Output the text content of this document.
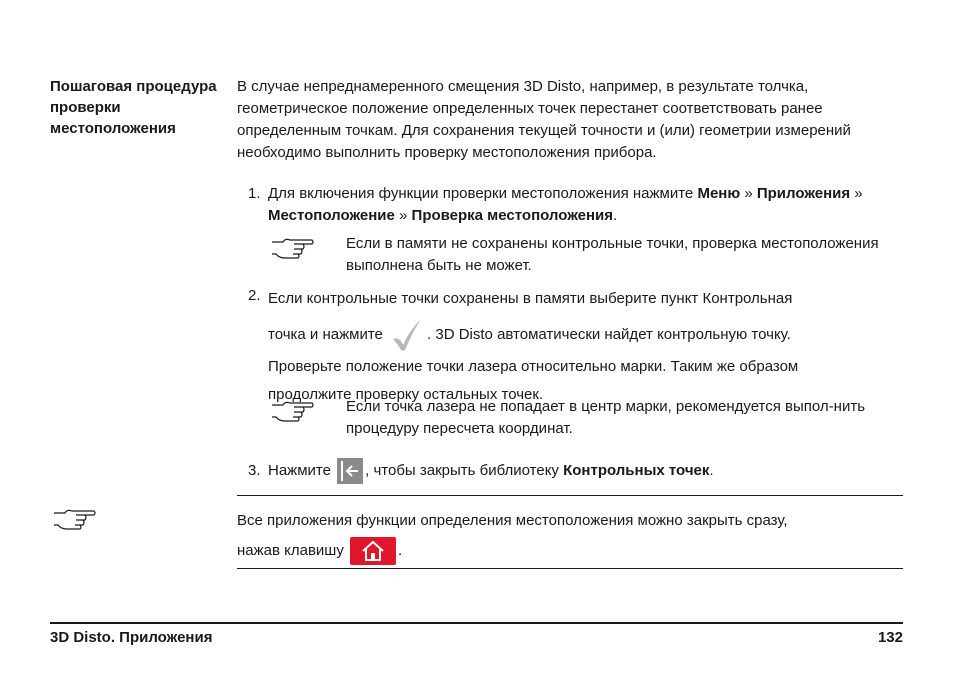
Пошаговая процедура проверки местоположения
В случае непреднамеренного смещения 3D Disto, например, в результате толчка, геометрическое положение определенных точек перестанет соответствовать ранее определенным точкам. Для сохранения текущей точности и (или) геометрии измерений необходимо выполнить проверку местоположения прибора.
1. Для включения функции проверки местоположения нажмите Меню » Приложения » Местоположение » Проверка местоположения.
Если в памяти не сохранены контрольные точки, проверка местоположения выполнена быть не может.
2. Если контрольные точки сохранены в памяти выберите пункт Контрольная
точка и нажмите	. 3D Disto автоматически найдет контрольную точку.
Проверьте положение точки лазера относительно марки. Таким же образом
продолжите проверку остальных точек.
Если точка лазера не попадает в центр марки, рекомендуется выпол-нить процедуру пересчета координат.
3. Нажмите , чтобы закрыть библиотеку Контрольных точек.
Все приложения функции определения местоположения можно закрыть сразу,
нажав клавишу	.
3D Disto. Приложения	132
